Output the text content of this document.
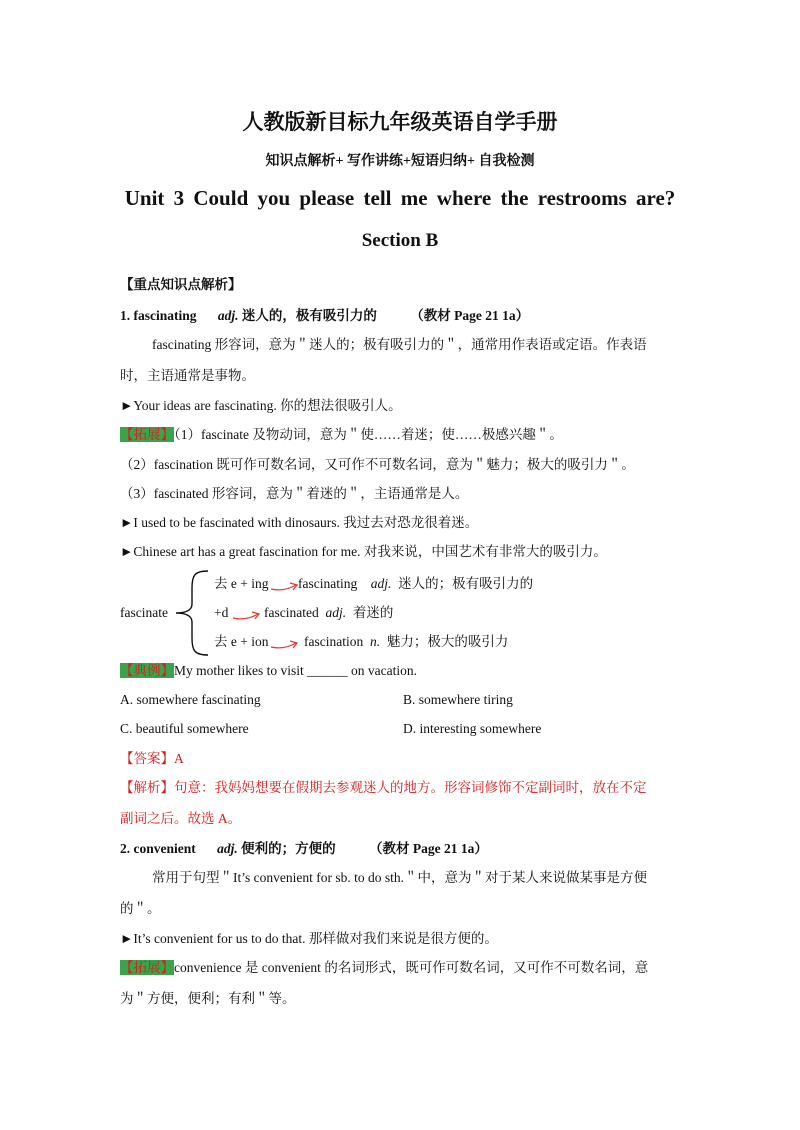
人教版新目标九年级英语自学手册
知识点解析+ 写作讲练+短语归纳+ 自我检测
Unit 3 Could you please tell me where the restrooms are?
Section B
【重点知识点解析】
1. fascinating adj. 迷人的，极有吸引力的 （教材 Page 21 1a）
fascinating 形容词，意为＂迷人的；极有吸引力的＂，通常用作表语或定语。作表语
时，主语通常是事物。
►Your ideas are fascinating. 你的想法很吸引人。
【拓展】（1）fascinate 及物动词，意为＂使……着迷；使……极感兴趣＂。
（2）fascination 既可作可数名词，又可作不可数名词，意为＂魅力；极大的吸引力＂。
（3）fascinated 形容词，意为＂着迷的＂，主语通常是人。
►I used to be fascinated with dinosaurs. 我过去对恐龙很着迷。
►Chinese art has a great fascination for me. 对我来说，中国艺术有非常大的吸引力。
fascinate
去 e + ing fascinating adj. 迷人的；极有吸引力的
+d	fascinated adj. 着迷的
去 e + ion	fascination n. 魅力；极大的吸引力
【典例】My mother likes to visit ______ on vacation.
A. somewhere fascinating	B. somewhere tiring
C. beautiful somewhere	D. interesting somewhere
【答案】A
【解析】句意：我妈妈想要在假期去参观迷人的地方。形容词修饰不定副词时，放在不定
副词之后。故选 A。
2. convenient adj. 便利的；方便的 （教材 Page 21 1a）
常用于句型＂It’s convenient for sb. to do sth.＂中，意为＂对于某人来说做某事是方便
的＂。
►It’s convenient for us to do that. 那样做对我们来说是很方便的。
【拓展】convenience 是 convenient 的名词形式，既可作可数名词，又可作不可数名词，意
为＂方便，便利；有利＂等。
